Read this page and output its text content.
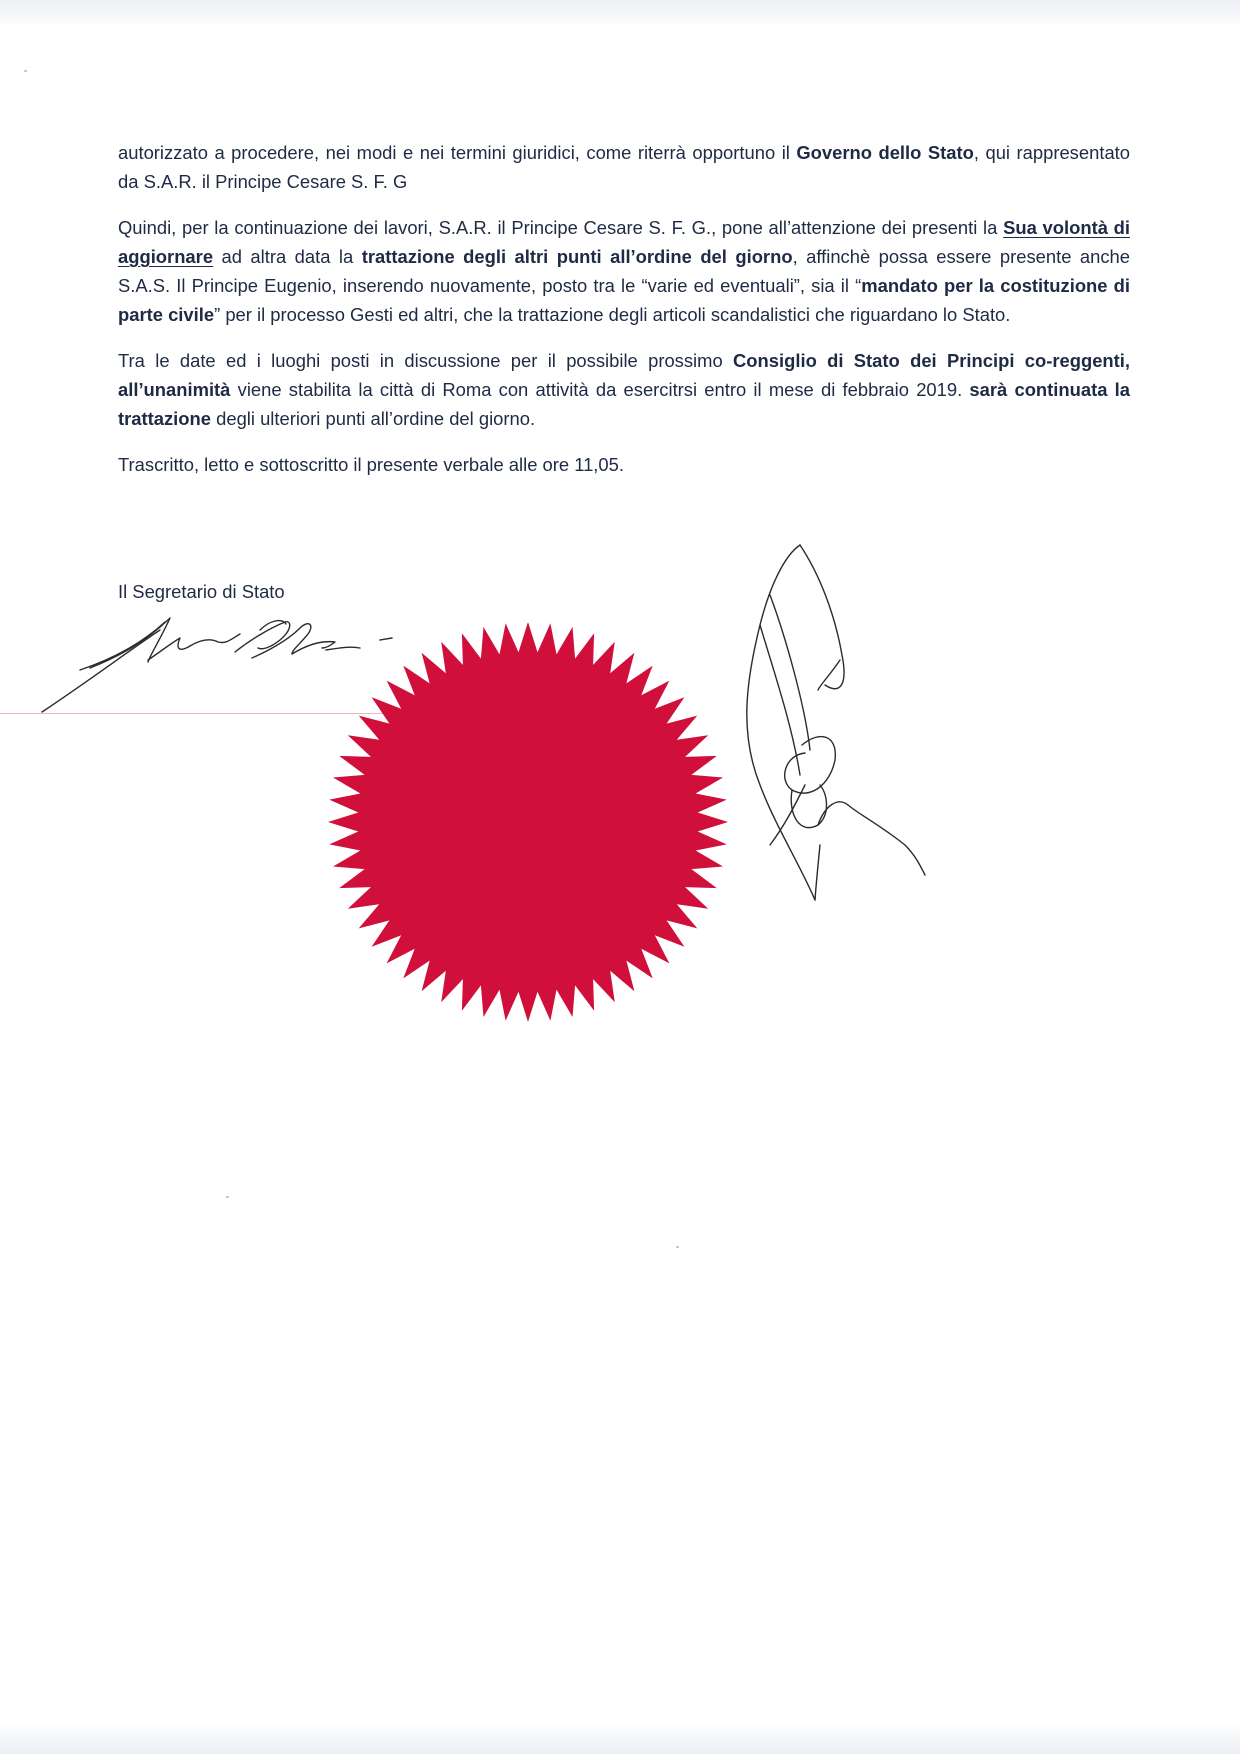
autorizzato a procedere, nei modi e nei termini giuridici, come riterrà opportuno il Governo dello Stato, qui rappresentato da S.A.R. il Principe Cesare S. F. G

Quindi, per la continuazione dei lavori, S.A.R. il Principe Cesare S. F. G., pone all’attenzione dei presenti la Sua volontà di aggiornare ad altra data la trattazione degli altri punti all’ordine del giorno, affinchè possa essere presente anche S.A.S. Il Principe Eugenio, inserendo nuovamente, posto tra le “varie ed eventuali”, sia il “mandato per la costituzione di parte civile” per il processo Gesti ed altri, che la trattazione degli articoli scandalistici che riguardano lo Stato.

Tra le date ed i luoghi posti in discussione per il possibile prossimo Consiglio di Stato dei Principi co-reggenti, all’unanimità viene stabilita la città di Roma con attività da esercitrsi entro il mese di febbraio 2019. sarà continuata la trattazione degli ulteriori punti all’ordine del giorno.

Trascritto, letto e sottoscritto il presente verbale alle ore 11,05.

Il Segretario di Stato
